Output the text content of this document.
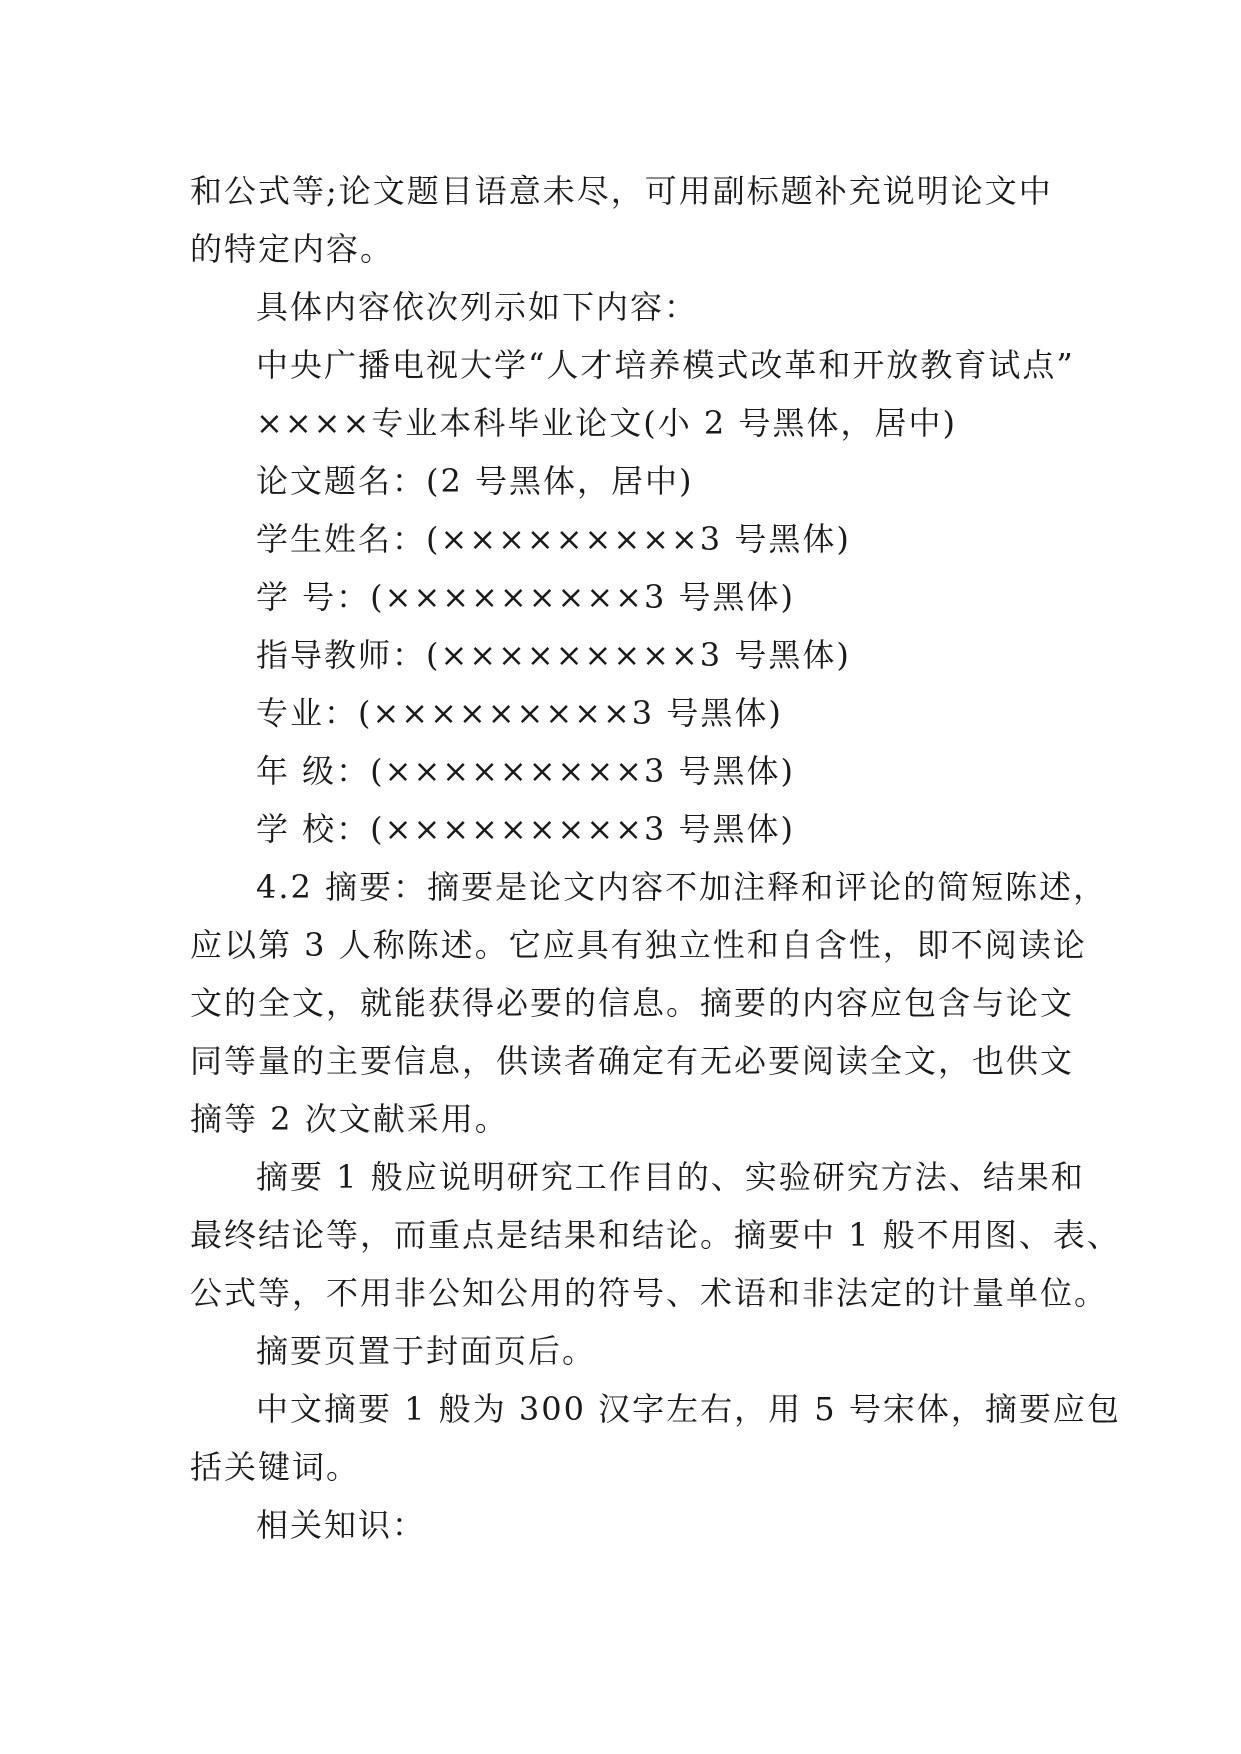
和公式等;论文题目语意未尽，可用副标题补充说明论文中
的特定内容。
具体内容依次列示如下内容：
中央广播电视大学“人才培养模式改革和开放教育试点”
××××专业本科毕业论文(小 2 号黑体，居中)
论文题名：(2 号黑体，居中)
学生姓名：(×××××××××3 号黑体)
学 号：(×××××××××3 号黑体)
指导教师：(×××××××××3 号黑体)
专业：(×××××××××3 号黑体)
年 级：(×××××××××3 号黑体)
学 校：(×××××××××3 号黑体)
4.2 摘要：摘要是论文内容不加注释和评论的简短陈述，
应以第 3 人称陈述。它应具有独立性和自含性，即不阅读论
文的全文，就能获得必要的信息。摘要的内容应包含与论文
同等量的主要信息，供读者确定有无必要阅读全文，也供文
摘等 2 次文献采用。
摘要 1 般应说明研究工作目的、实验研究方法、结果和
最终结论等，而重点是结果和结论。摘要中 1 般不用图、表、
公式等，不用非公知公用的符号、术语和非法定的计量单位。
摘要页置于封面页后。
中文摘要 1 般为 300 汉字左右，用 5 号宋体，摘要应包
括关键词。
相关知识：
